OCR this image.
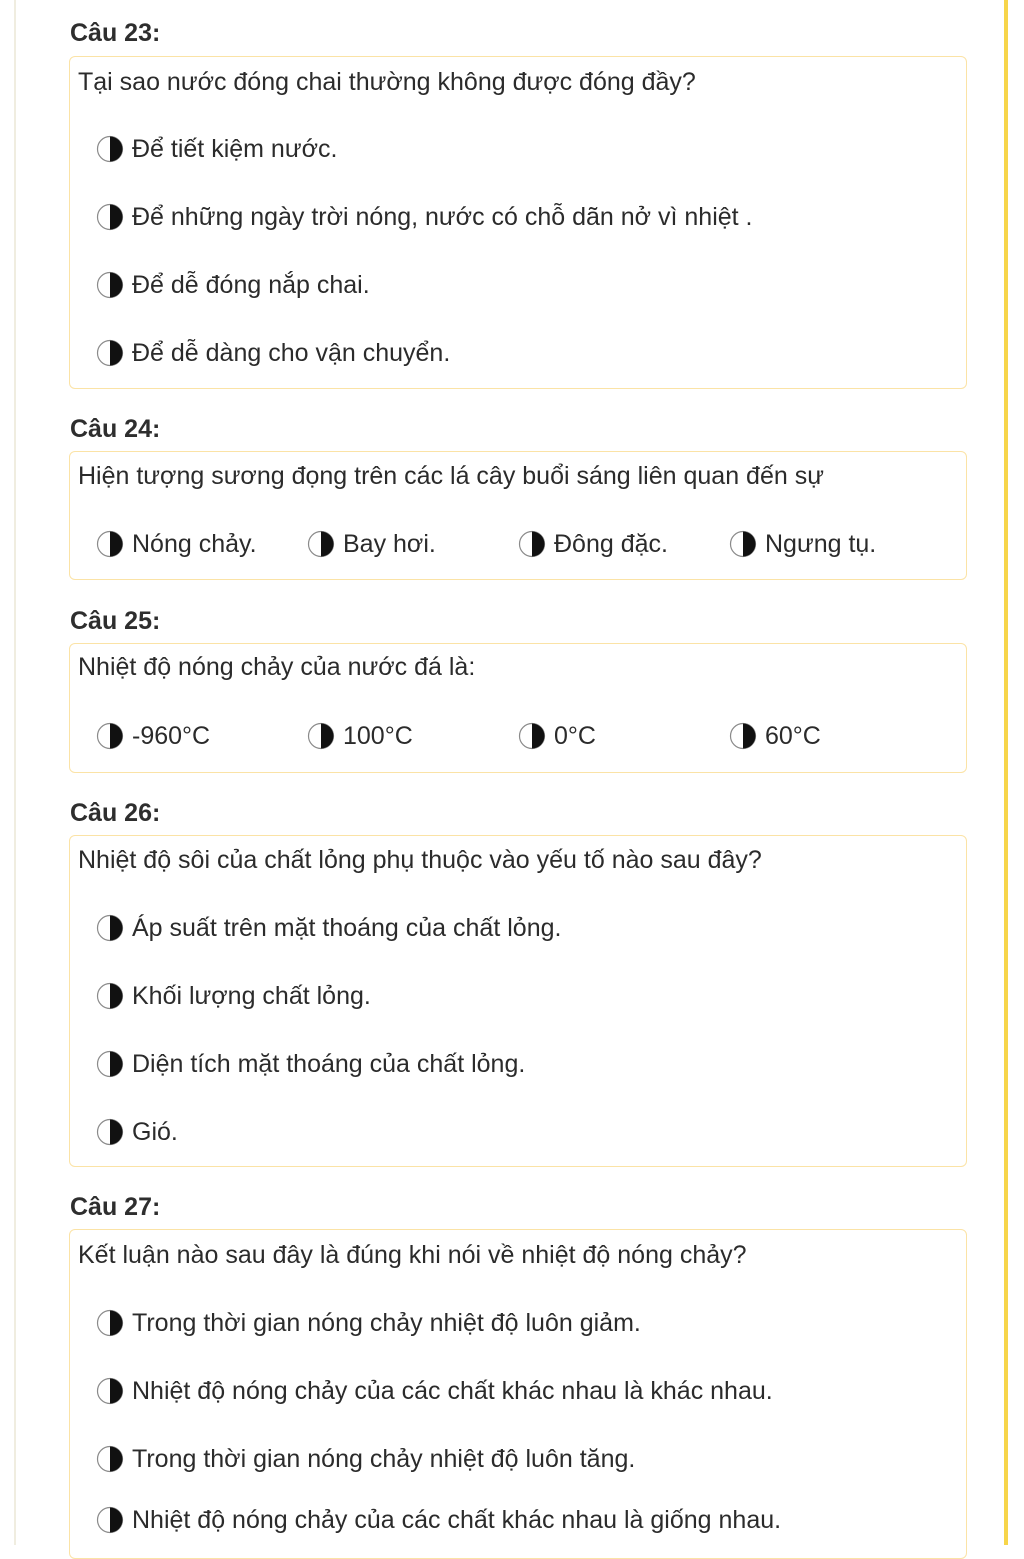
Câu 23:
Tại sao nước đóng chai thường không được đóng đầy?
Để tiết kiệm nước.
Để những ngày trời nóng, nước có chỗ dãn nở vì nhiệt .
Để dễ đóng nắp chai.
Để dễ dàng cho vận chuyển.
Câu 24:
Hiện tượng sương đọng trên các lá cây buổi sáng liên quan đến sự
Nóng chảy.	Bay hơi.	Đông đặc.	Ngưng tụ.
Câu 25:
Nhiệt độ nóng chảy của nước đá là:
-960°C	100°C	0°C	60°C
Câu 26:
Nhiệt độ sôi của chất lỏng phụ thuộc vào yếu tố nào sau đây?
Áp suất trên mặt thoáng của chất lỏng.
Khối lượng chất lỏng.
Diện tích mặt thoáng của chất lỏng.
Gió.
Câu 27:
Kết luận nào sau đây là đúng khi nói về nhiệt độ nóng chảy?
Trong thời gian nóng chảy nhiệt độ luôn giảm.
Nhiệt độ nóng chảy của các chất khác nhau là khác nhau.
Trong thời gian nóng chảy nhiệt độ luôn tăng.
Nhiệt độ nóng chảy của các chất khác nhau là giống nhau.
